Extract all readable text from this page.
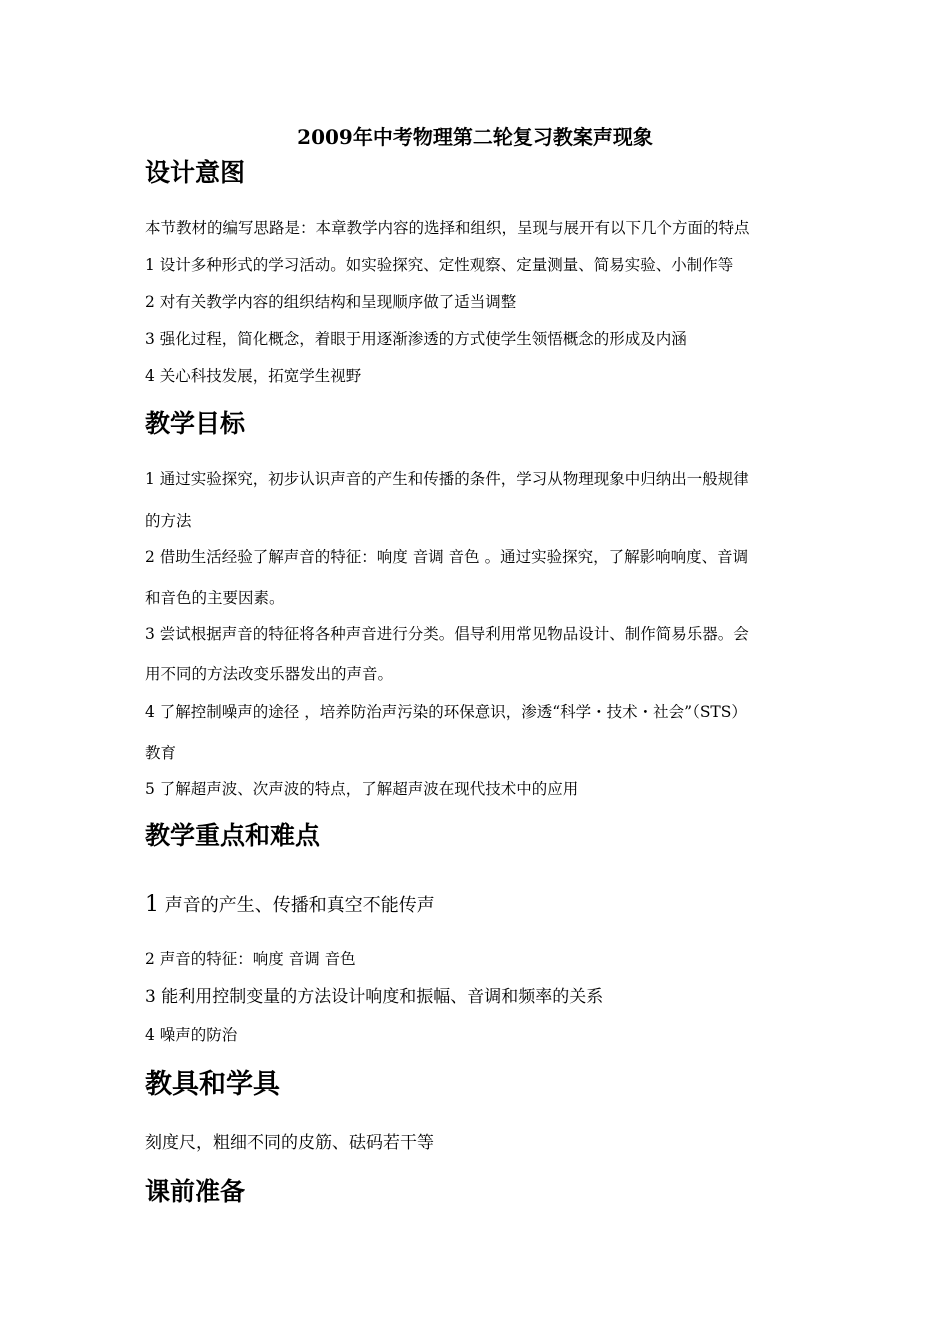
2009年中考物理第二轮复习教案声现象
设计意图
本节教材的编写思路是：本章教学内容的选择和组织，呈现与展开有以下几个方面的特点
1 设计多种形式的学习活动。如实验探究、定性观察、定量测量、简易实验、小制作等
2 对有关教学内容的组织结构和呈现顺序做了适当调整
3 强化过程，简化概念，着眼于用逐渐渗透的方式使学生领悟概念的形成及内涵
4 关心科技发展，拓宽学生视野
教学目标
1 通过实验探究，初步认识声音的产生和传播的条件，学习从物理现象中归纳出一般规律
的方法
2 借助生活经验了解声音的特征：响度 音调 音色 。通过实验探究，了解影响响度、音调
和音色的主要因素。
3 尝试根据声音的特征将各种声音进行分类。倡导利用常见物品设计、制作简易乐器。会
用不同的方法改变乐器发出的声音。
4 了解控制噪声的途径 ，培养防治声污染的环保意识，渗透“科学・技术・社会”（STS）
教育
5 了解超声波、次声波的特点，了解超声波在现代技术中的应用
教学重点和难点
1 声音的产生、传播和真空不能传声
2 声音的特征：响度 音调 音色
3 能利用控制变量的方法设计响度和振幅、音调和频率的关系
4 噪声的防治
教具和学具
刻度尺，粗细不同的皮筋、砝码若干等
课前准备
